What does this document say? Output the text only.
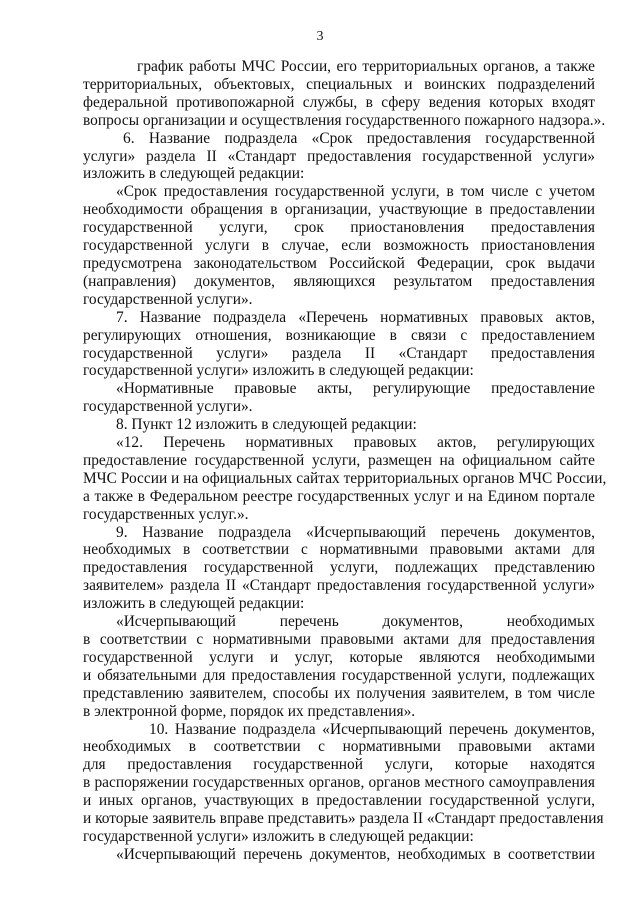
3
график работы МЧС России, его территориальных органов, а также
территориальных, объектовых, специальных и воинских подразделений
федеральной противопожарной службы, в сферу ведения которых входят
вопросы организации и осуществления государственного пожарного надзора.».
6. Название подраздела «Срок предоставления государственной
услуги» раздела II «Стандарт предоставления государственной услуги»
изложить в следующей редакции:
«Срок предоставления государственной услуги, в том числе с учетом
необходимости обращения в организации, участвующие в предоставлении
государственной услуги, срок приостановления предоставления
государственной услуги в случае, если возможность приостановления
предусмотрена законодательством Российской Федерации, срок выдачи
(направления) документов, являющихся результатом предоставления
государственной услуги».
7. Название подраздела «Перечень нормативных правовых актов,
регулирующих отношения, возникающие в связи с предоставлением
государственной услуги» раздела II «Стандарт предоставления
государственной услуги» изложить в следующей редакции:
«Нормативные правовые акты, регулирующие предоставление
государственной услуги».
8. Пункт 12 изложить в следующей редакции:
«12. Перечень нормативных правовых актов, регулирующих
предоставление государственной услуги, размещен на официальном сайте
МЧС России и на официальных сайтах территориальных органов МЧС России,
а также в Федеральном реестре государственных услуг и на Едином портале
государственных услуг.».
9. Название подраздела «Исчерпывающий перечень документов,
необходимых в соответствии с нормативными правовыми актами для
предоставления государственной услуги, подлежащих представлению
заявителем» раздела II «Стандарт предоставления государственной услуги»
изложить в следующей редакции:
«Исчерпывающий перечень документов, необходимых
в соответствии с нормативными правовыми актами для предоставления
государственной услуги и услуг, которые являются необходимыми
и обязательными для предоставления государственной услуги, подлежащих
представлению заявителем, способы их получения заявителем, в том числе
в электронной форме, порядок их представления».
10. Название подраздела «Исчерпывающий перечень документов,
необходимых в соответствии с нормативными правовыми актами
для предоставления государственной услуги, которые находятся
в распоряжении государственных органов, органов местного самоуправления
и иных органов, участвующих в предоставлении государственной услуги,
и которые заявитель вправе представить» раздела II «Стандарт предоставления
государственной услуги» изложить в следующей редакции:
«Исчерпывающий перечень документов, необходимых в соответствии
